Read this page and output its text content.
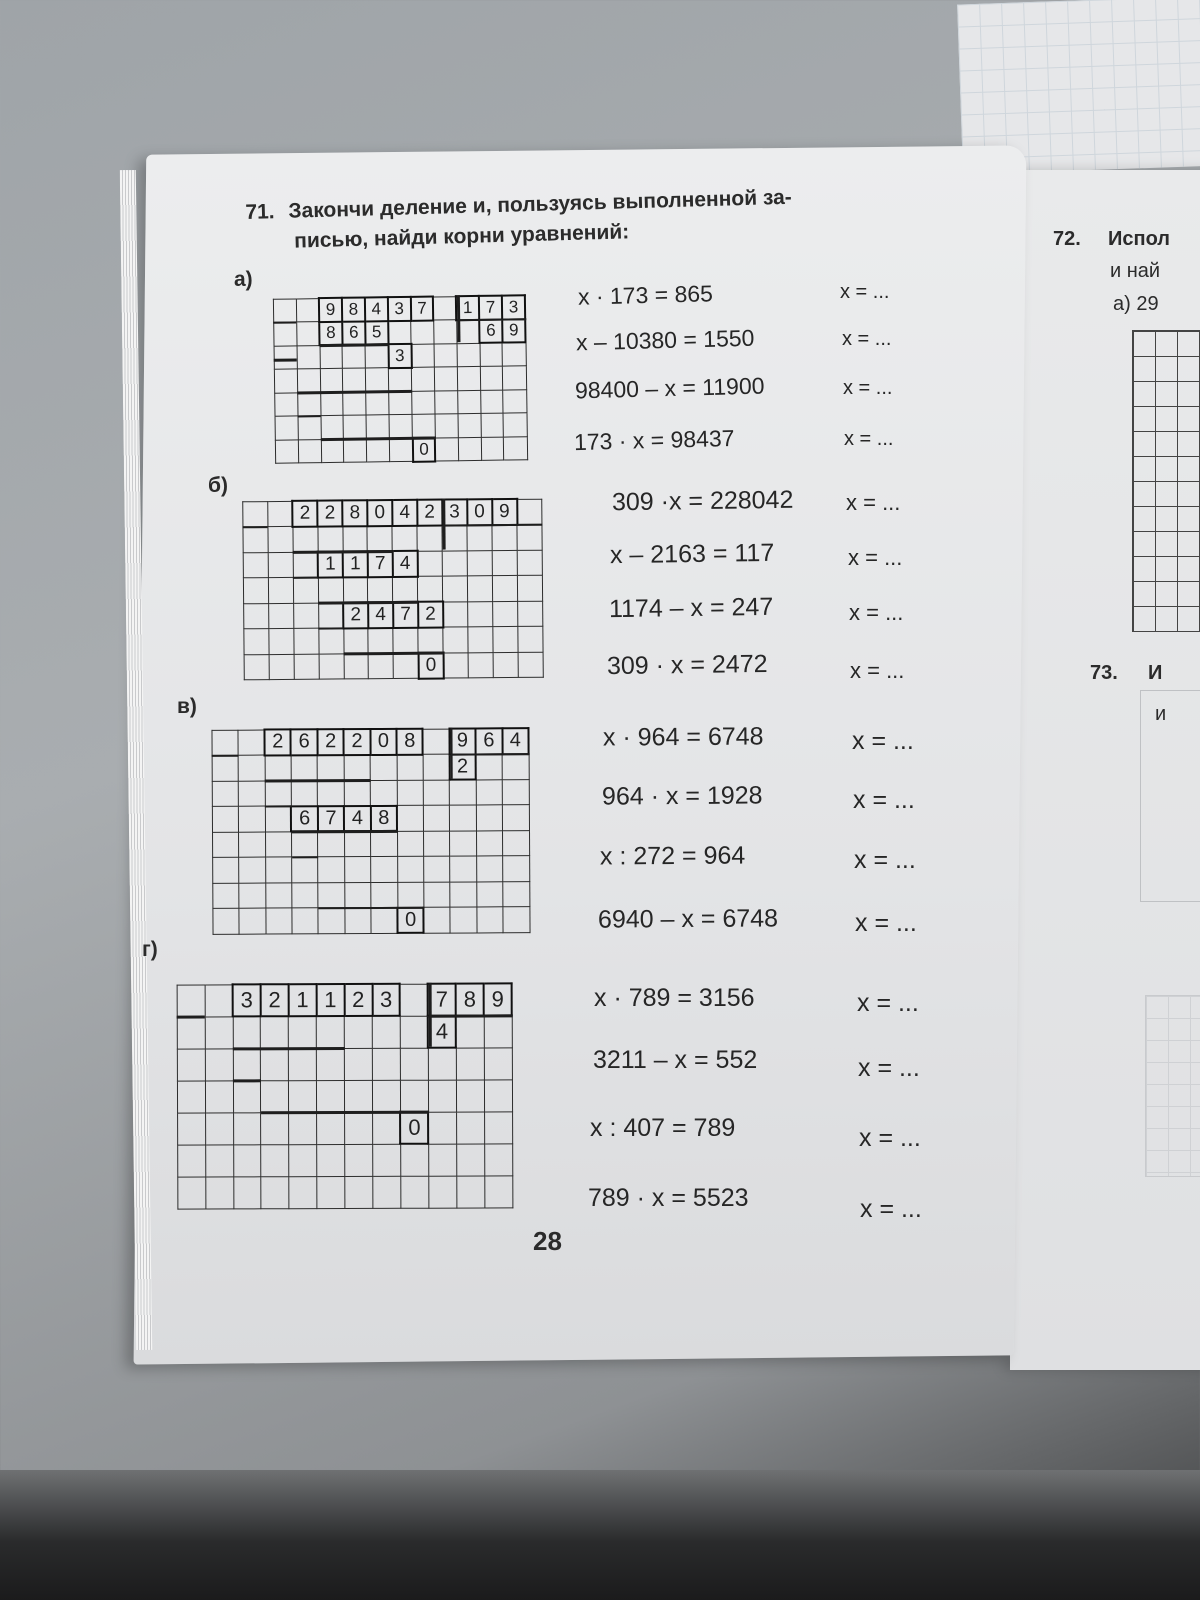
71. Закончи деление и, пользуясь выполненной за-
писью, найди корни уравнений:
а)
б)
в)
г)
		9	8	4	3	7		1	7	3
		8	6	5					6	9
					3					

						0				
		2	2	8	0	4	2	3	0	9	

			1	1	7	4					

				2	4	7	2				

							0				
		2	6	2	2	0	8		9	6	4
									2		

			6	7	4	8					

							0				
		3	2	1	1	2	3		7	8	9
									4		

								0			

x · 173 = 865
x – 10380 = 1550
98400 – x = 11900
173 · x = 98437
x = ...
x = ...
x = ...
x = ...
309 ·x = 228042
x – 2163 = 117
1174 – x = 247
309 · x = 2472
x = ...
x = ...
x = ...
x = ...
x · 964 = 6748
964 · x = 1928
x : 272 = 964
6940 – x = 6748
x = ...
x = ...
x = ...
x = ...
x · 789 = 3156
3211 – x = 552
x : 407 = 789
789 · x = 5523
x = ...
x = ...
x = ...
x = ...
28
72. Испол
и най
а) 29
73. И
и
